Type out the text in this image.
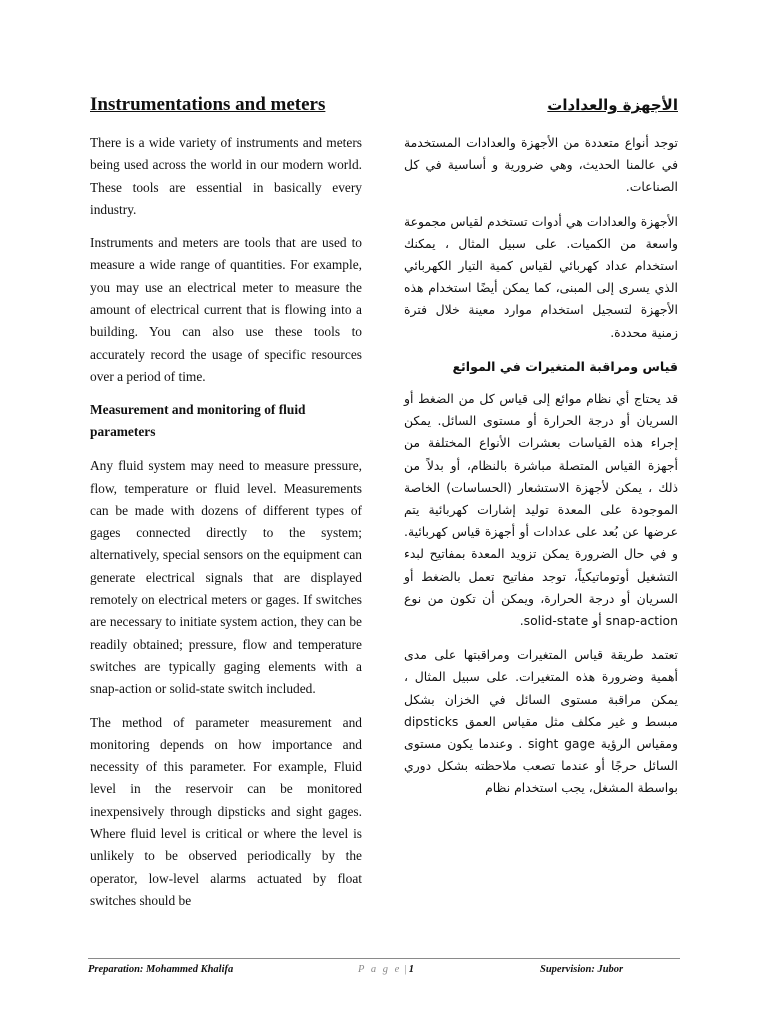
Instrumentations and meters

There is a wide variety of instruments and meters being used across the world in our modern world. These tools are essential in basically every industry.

Instruments and meters are tools that are used to measure a wide range of quantities. For example, you may use an electrical meter to measure the amount of electrical current that is flowing into a building. You can also use these tools to accurately record the usage of specific resources over a period of time.

Measurement and monitoring of fluid parameters

Any fluid system may need to measure pressure, flow, temperature or fluid level. Measurements can be made with dozens of different types of gages connected directly to the system; alternatively, special sensors on the equipment can generate electrical signals that are displayed remotely on electrical meters or gages. If switches are necessary to initiate system action, they can be readily obtained; pressure, flow and temperature switches are typically gaging elements with a snap-action or solid-state switch included.

The method of parameter measurement and monitoring depends on how importance and necessity of this parameter. For example, Fluid level in the reservoir can be monitored inexpensively through dipsticks and sight gages. Where fluid level is critical or where the level is unlikely to be observed periodically by the operator, low-level alarms actuated by float switches should be

الأجهزة والعدادات

توجد أنواع متعددة من الأجهزة والعدادات المستخدمة في عالمنا الحديث، وهي ضرورية و أساسية في كل الصناعات.

الأجهزة والعدادات هي أدوات تستخدم لقياس مجموعة واسعة من الكميات. على سبيل المثال ، يمكنك استخدام عداد كهربائي لقياس كمية التيار الكهربائي الذي يسرى إلى المبنى، كما يمكن أيضًا استخدام هذه الأجهزة لتسجيل استخدام موارد معينة خلال فترة زمنية محددة.

قياس ومراقبة المتغيرات في الموائع

قد يحتاج أي نظام موائع إلى قياس كل من الضغط أو السريان أو درجة الحرارة أو مستوى السائل. يمكن إجراء هذه القياسات بعشرات الأنواع المختلفة من أجهزة القياس المتصلة مباشرة بالنظام، أو بدلاً من ذلك ، يمكن لأجهزة الاستشعار (الحساسات) الخاصة الموجودة على المعدة توليد إشارات كهربائية يتم عرضها عن بُعد على عدادات أو أجهزة قياس كهربائية. و في حال الضرورة يمكن تزويد المعدة بمفاتيح لبدء التشغيل أوتوماتيكياً، توجد مفاتيح تعمل بالضغط أو السريان أو درجة الحرارة، ويمكن أن تكون من نوع snap-action أو solid-state.

تعتمد طريقة قياس المتغيرات ومراقبتها على مدى أهمية وضرورة هذه المتغيرات. على سبيل المثال ، يمكن مراقبة مستوى السائل في الخزان بشكل مبسط و غير مكلف مثل مقياس العمق dipsticks ومقياس الرؤية sight gage . وعندما يكون مستوى السائل حرجًا أو عندما تصعب ملاحظته بشكل دوري بواسطة المشغل، يجب استخدام نظام

Preparation: Mohammed Khalifa	P a g e |1	Supervision: Jubor
